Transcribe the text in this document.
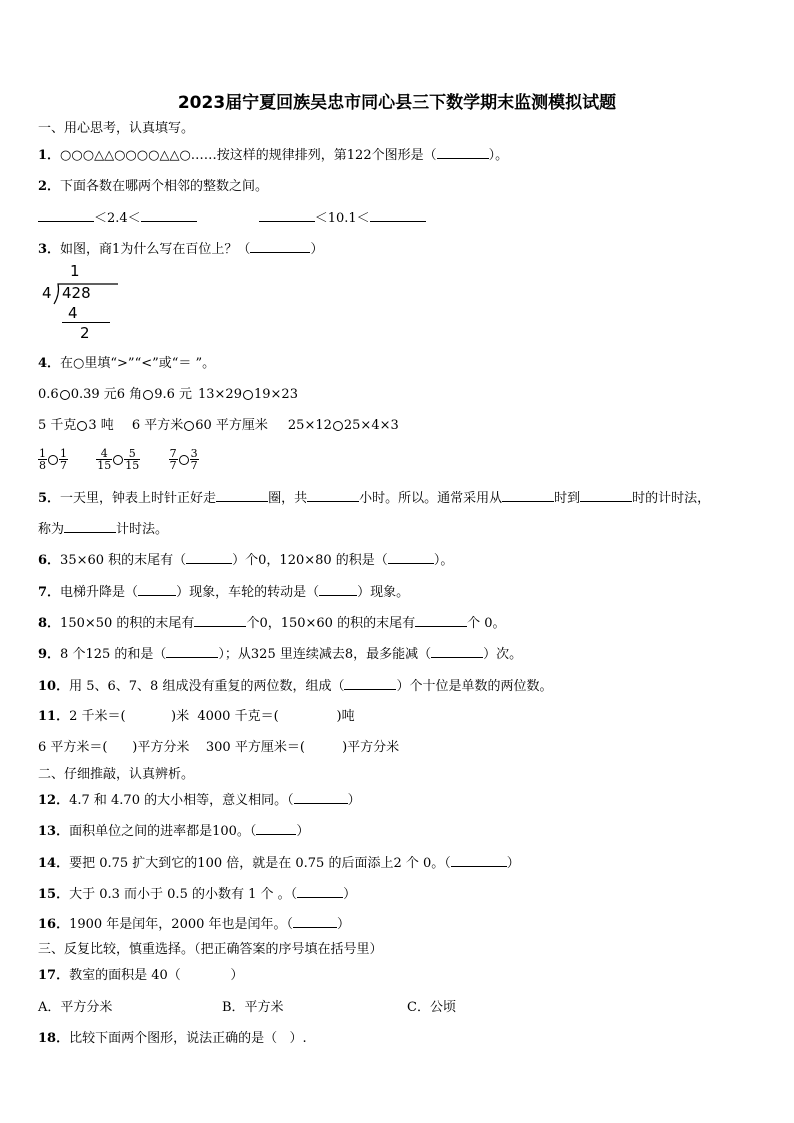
2023届宁夏回族吴忠市同心县三下数学期末监测模拟试题
一、用心思考，认真填写。
1．○○○△△○○○○△△○……按这样的规律排列，第122个图形是（	）。
2．下面各数在哪两个相邻的整数之间。
＜2.4＜	＜10.1＜
3．如图，商1为什么写在百位上？（	）
1
4 428
4
2
4．在○里填“>”“<”或“＝ ”。
0.6 0.39 元6 角 9.6 元 13×29 19×23
5 千克 3 吨 6 平方米 60 平方厘米 25×12 25×4×3
$\frac{1}{8} \frac{1}{7}$
	$\frac{4}{15} \frac{5}{15}$
	$\frac{7}{7} \frac{3}{7}$
5．一天里，钟表上时针正好走	圈，共	小时。所以。通常采用从	时到	时的计时法，
称为	计时法。
6．35×60 积的末尾有（	）个0，120×80 的积是（	）。
7．电梯升降是（	）现象，车轮的转动是（	）现象。
8．150×50 的积的末尾有	个0，150×60 的积的末尾有	个 0。
9．8 个125 的和是（	）；从325 里连续减去8，最多能减（	）次。
10．用 5、6、7、8 组成没有重复的两位数，组成（	）个十位是单数的两位数。
11．2 千米＝(           )米  4000 千克＝(              )吨
6 平方米＝(      )平方分米    300 平方厘米＝(         )平方分米
二、仔细推敲，认真辨析。
12．4.7 和 4.70 的大小相等，意义相同。（	）
13．面积单位之间的进率都是100。（	）
14．要把 0.75 扩大到它的100 倍，就是在 0.75 的后面添上2 个 0。（	）
15．大于 0.3 而小于 0.5 的小数有 1 个 。（	）
16．1900 年是闰年，2000 年也是闰年。（	）
三、反复比较，慎重选择。（把正确答案的序号填在括号里）
17．教室的面积是 40（            ）
A．平方分米	B．平方米	C．公顷
18．比较下面两个图形，说法正确的是（   ）.
